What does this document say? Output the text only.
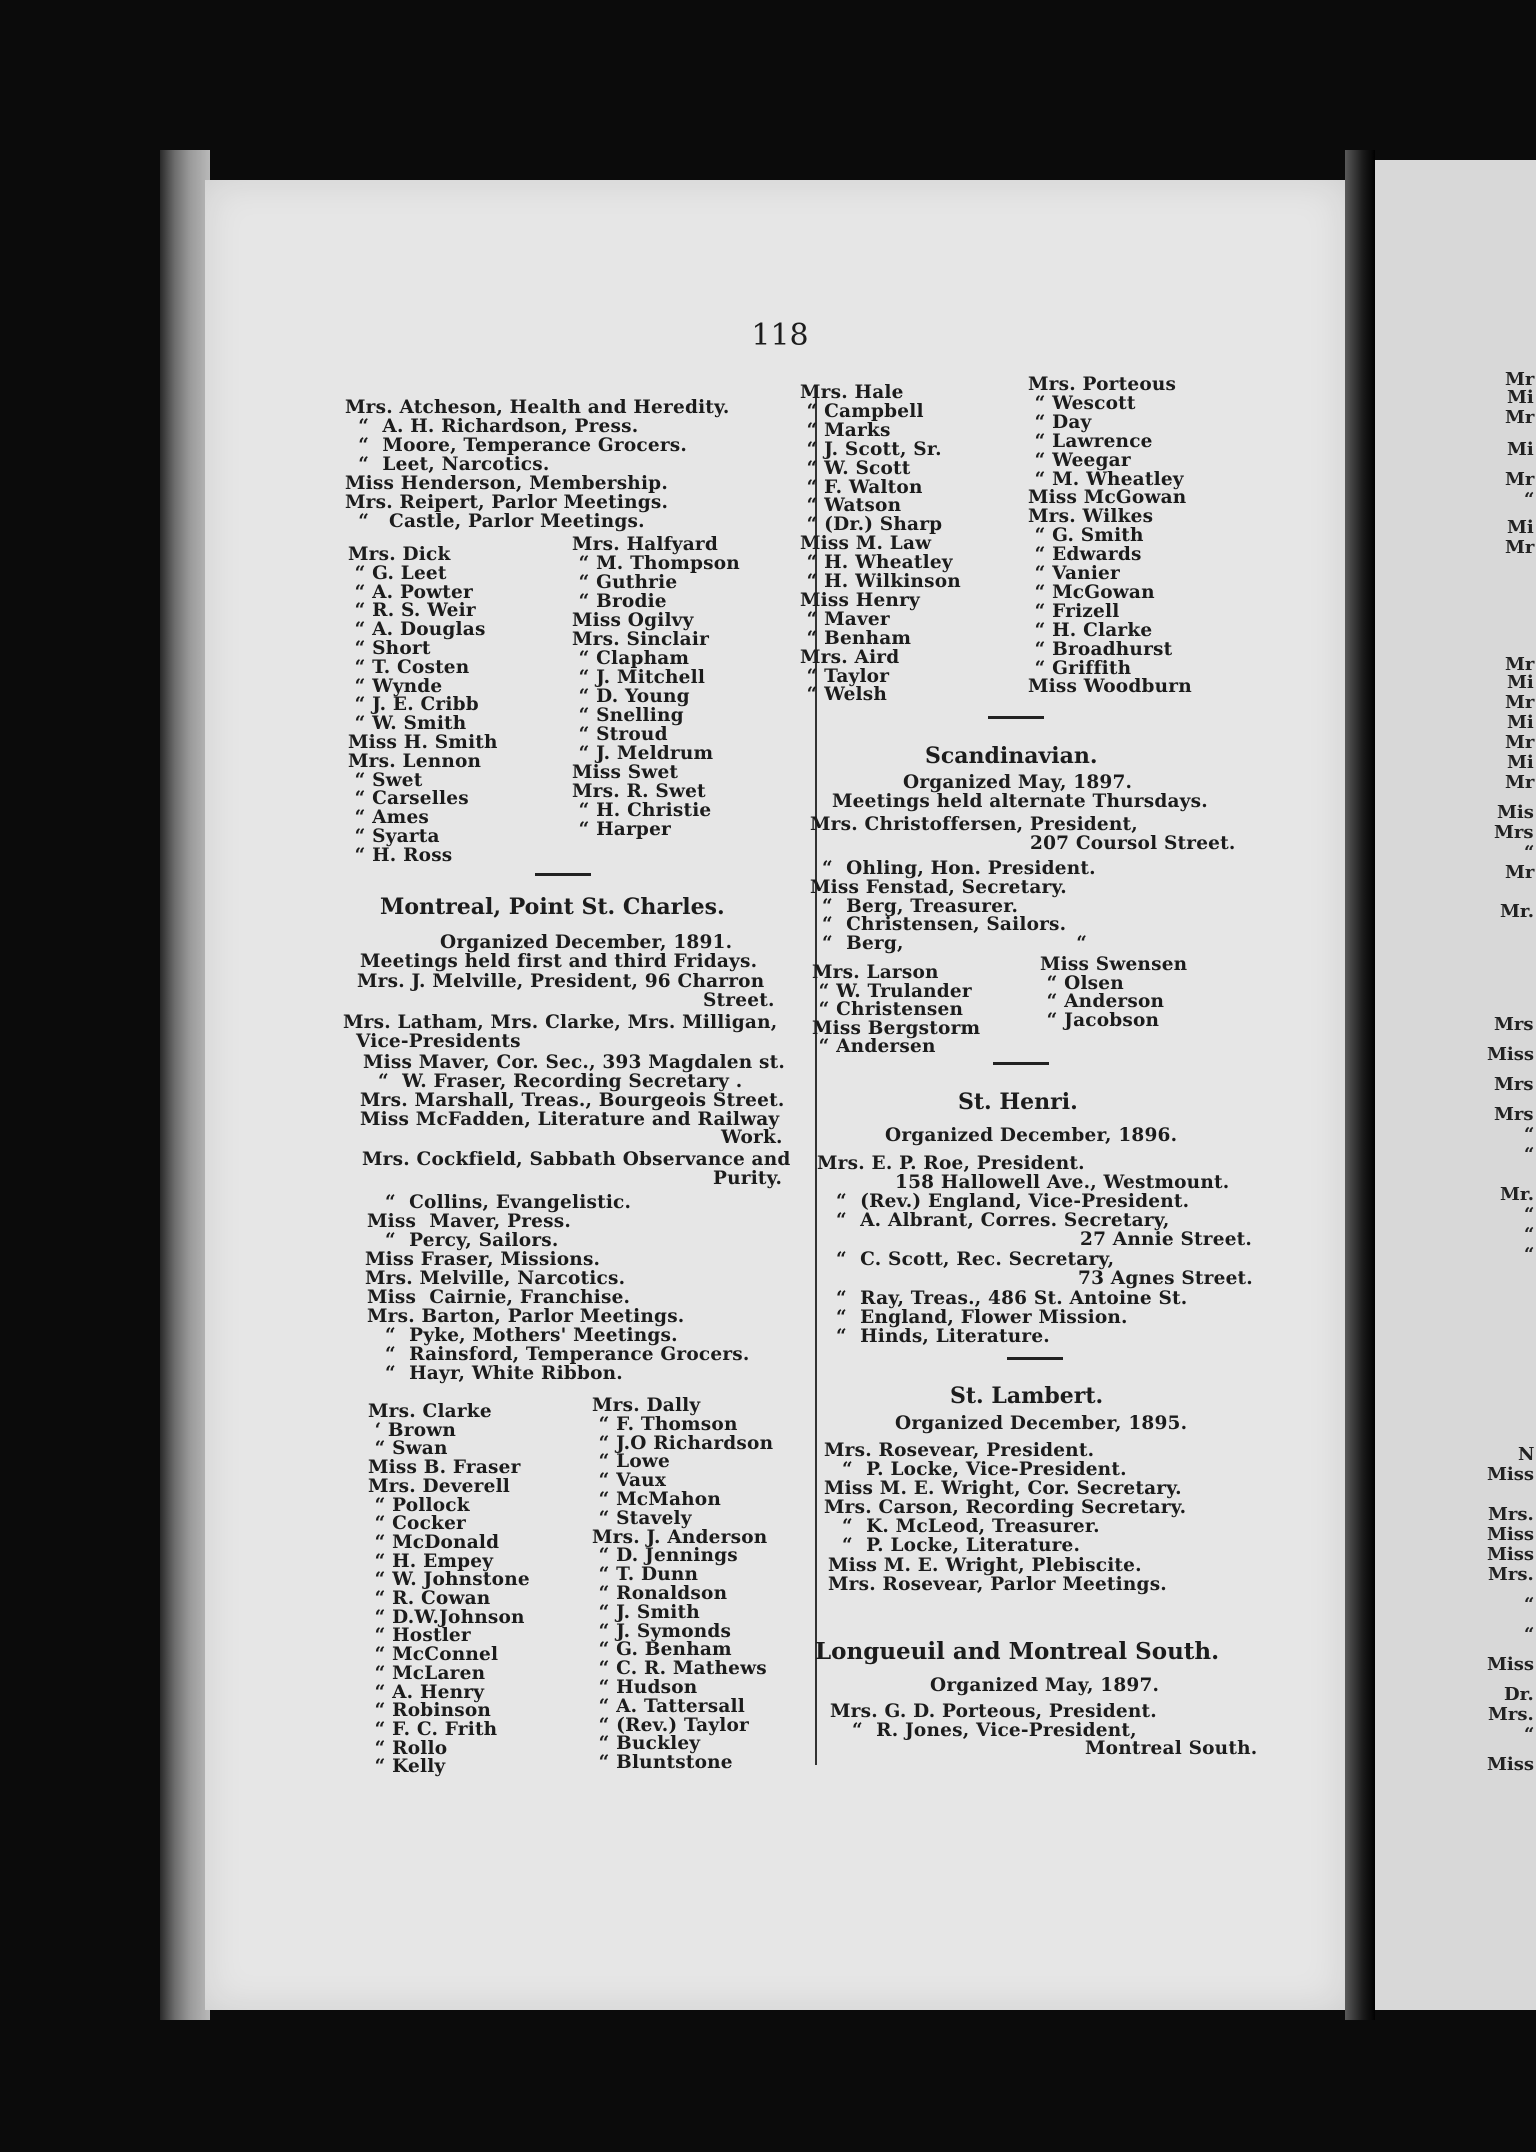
Mr
Mi
Mr
Mi
Mr
“
Mi
Mr
Mr
Mi
Mr
Mi
Mr
Mi
Mr
Mis
Mrs
“
Mr
Mr.
Mrs
Miss
Mrs
Mrs
“
“
Mr.
“
“
“
N
Miss
Mrs.
Miss
Miss
Mrs.
“
“
Miss
Dr.
Mrs.
“
Miss
118
Mrs. Atcheson, Health and Heredity.
“  A. H. Richardson, Press.
“  Moore, Temperance Grocers.
“  Leet, Narcotics.
Miss Henderson, Membership.
Mrs. Reipert, Parlor Meetings.
“   Castle, Parlor Meetings.
Mrs. Dick
“ G. Leet
“ A. Powter
“ R. S. Weir
“ A. Douglas
“ Short
“ T. Costen
“ Wynde
“ J. E. Cribb
“ W. Smith
Miss H. Smith
Mrs. Lennon
“ Swet
“ Carselles
“ Ames
“ Syarta
“ H. Ross
Mrs. Halfyard
“ M. Thompson
“ Guthrie
“ Brodie
Miss Ogilvy
Mrs. Sinclair
“ Clapham
“ J. Mitchell
“ D. Young
“ Snelling
“ Stroud
“ J. Meldrum
Miss Swet
Mrs. R. Swet
“ H. Christie
“ Harper
Montreal, Point St. Charles.
Organized December, 1891.
Meetings held first and third Fridays.
Mrs. J. Melville, President, 96 Charron
Street.
Mrs. Latham, Mrs. Clarke, Mrs. Milligan,
Vice-Presidents
Miss Maver, Cor. Sec., 393 Magdalen st.
“  W. Fraser, Recording Secretary .
Mrs. Marshall, Treas., Bourgeois Street.
Miss McFadden, Literature and Railway
Work.
Mrs. Cockfield, Sabbath Observance and
Purity.
“  Collins, Evangelistic.
Miss  Maver, Press.
“  Percy, Sailors.
Miss Fraser, Missions.
Mrs. Melville, Narcotics.
Miss  Cairnie, Franchise.
Mrs. Barton, Parlor Meetings.
“  Pyke, Mothers' Meetings.
“  Rainsford, Temperance Grocers.
“  Hayr, White Ribbon.
Mrs. Clarke
‘ Brown
“ Swan
Miss B. Fraser
Mrs. Deverell
“ Pollock
“ Cocker
“ McDonald
“ H. Empey
“ W. Johnstone
“ R. Cowan
“ D.W.Johnson
“ Hostler
“ McConnel
“ McLaren
“ A. Henry
“ Robinson
“ F. C. Frith
“ Rollo
“ Kelly
Mrs. Dally
“ F. Thomson
“ J.O Richardson
“ Lowe
“ Vaux
“ McMahon
“ Stavely
Mrs. J. Anderson
“ D. Jennings
“ T. Dunn
“ Ronaldson
“ J. Smith
“ J. Symonds
“ G. Benham
“ C. R. Mathews
“ Hudson
“ A. Tattersall
“ (Rev.) Taylor
“ Buckley
“ Bluntstone
Mrs. Hale
“ Campbell
“ Marks
“ J. Scott, Sr.
“ W. Scott
“ F. Walton
“ Watson
“ (Dr.) Sharp
Miss M. Law
“ H. Wheatley
“ H. Wilkinson
Miss Henry
“ Maver
“ Benham
Mrs. Aird
“ Taylor
“ Welsh
Mrs. Porteous
“ Wescott
“ Day
“ Lawrence
“ Weegar
“ M. Wheatley
Miss McGowan
Mrs. Wilkes
“ G. Smith
“ Edwards
“ Vanier
“ McGowan
“ Frizell
“ H. Clarke
“ Broadhurst
“ Griffith
Miss Woodburn
Scandinavian.
Organized May, 1897.
Meetings held alternate Thursdays.
Mrs. Christoffersen, President,
207 Coursol Street.
“  Ohling, Hon. President.
Miss Fenstad, Secretary.
“  Berg, Treasurer.
“  Christensen, Sailors.
“  Berg,                          “
Mrs. Larson
“ W. Trulander
“ Christensen
Miss Bergstorm
“ Andersen
Miss Swensen
“ Olsen
“ Anderson
“ Jacobson
St. Henri.
Organized December, 1896.
Mrs. E. P. Roe, President.
158 Hallowell Ave., Westmount.
“  (Rev.) England, Vice-President.
“  A. Albrant, Corres. Secretary,
27 Annie Street.
“  C. Scott, Rec. Secretary,
73 Agnes Street.
“  Ray, Treas., 486 St. Antoine St.
“  England, Flower Mission.
“  Hinds, Literature.
St. Lambert.
Organized December, 1895.
Mrs. Rosevear, President.
“  P. Locke, Vice-President.
Miss M. E. Wright, Cor. Secretary.
Mrs. Carson, Recording Secretary.
“  K. McLeod, Treasurer.
“  P. Locke, Literature.
Miss M. E. Wright, Plebiscite.
Mrs. Rosevear, Parlor Meetings.
Longueuil and Montreal South.
Organized May, 1897.
Mrs. G. D. Porteous, President.
“  R. Jones, Vice-President,
Montreal South.
